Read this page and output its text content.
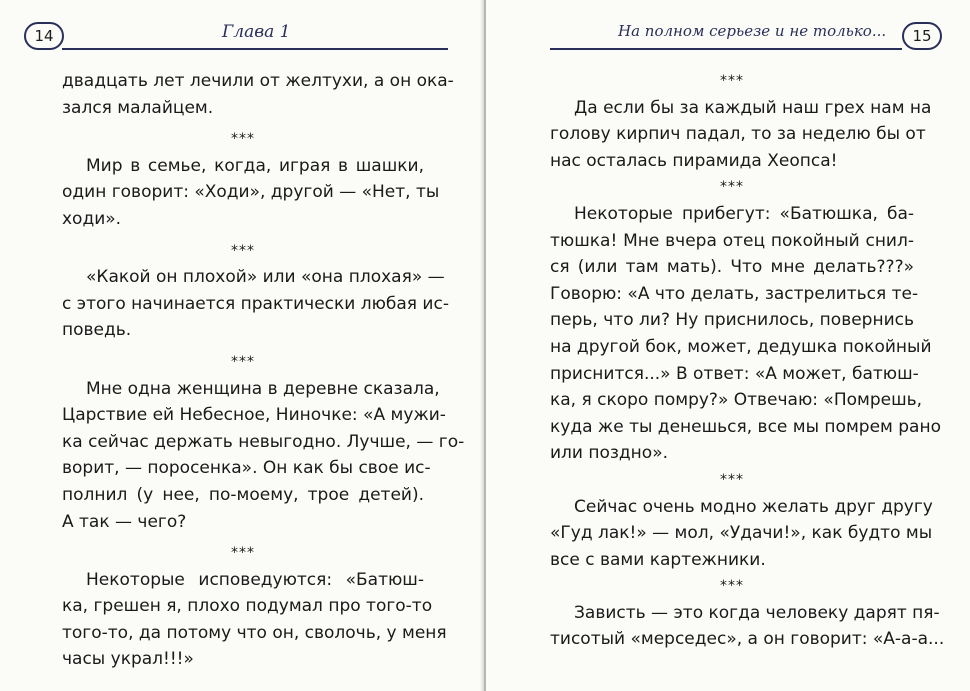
14	Глава 1
двадцать лет лечили от желтухи, а он ока-
зался малайцем.
***
Мир в семье, когда, играя в шашки,
один говорит: «Ходи», другой — «Нет, ты
ходи».
***
«Какой он плохой» или «она плохая» —
с этого начинается практически любая ис-
поведь.
***
Мне одна женщина в деревне сказала,
Царствие ей Небесное, Ниночке: «А мужи-
ка сейчас держать невыгодно. Лучше, — го-
ворит, — поросенка». Он как бы свое ис-
полнил (у нее, по-моему, трое детей).
А так — чего?
***
Некоторые исповедуются: «Батюш-
ка, грешен я, плохо подумал про того-то
того-то, да потому что он, сволочь, у меня
часы украл!!!»
На полном серьезе и не только...	15
***
Да если бы за каждый наш грех нам на
голову кирпич падал, то за неделю бы от
нас осталась пирамида Хеопса!
***
Некоторые прибегут: «Батюшка, ба-
тюшка! Мне вчера отец покойный снил-
ся (или там мать). Что мне делать???»
Говорю: «А что делать, застрелиться те-
перь, что ли? Ну приснилось, повернись
на другой бок, может, дедушка покойный
приснится...» В ответ: «А может, батюш-
ка, я скоро помру?» Отвечаю: «Помрешь,
куда же ты денешься, все мы помрем рано
или поздно».
***
Сейчас очень модно желать друг другу
«Гуд лак!» — мол, «Удачи!», как будто мы
все с вами картежники.
***
Зависть — это когда человеку дарят пя-
тисотый «мерседес», а он говорит: «А-а-а...
